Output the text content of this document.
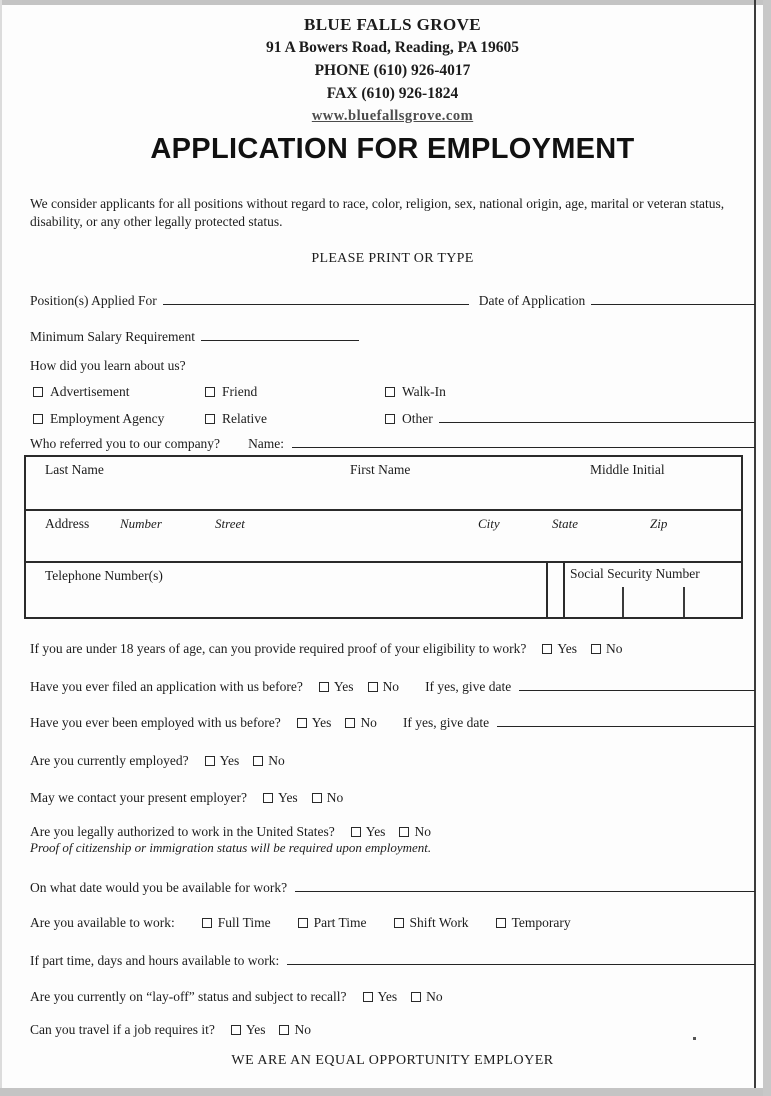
BLUE FALLS GROVE
91 A Bowers Road, Reading, PA 19605
PHONE (610) 926-4017
FAX (610) 926-1824
www.bluefallsgrove.com
APPLICATION FOR EMPLOYMENT

We consider applicants for all positions without regard to race, color, religion, sex, national origin, age, marital or veteran status, disability, or any other legally protected status.

PLEASE PRINT OR TYPE
Position(s) Applied For	Date of Application
Minimum Salary Requirement
How did you learn about us?
Advertisement	Friend	Walk-In
Employment Agency	Relative	Other
Who referred you to our company? Name:
Last Name	First Name	Middle Initial
Address Number	Street	City	State	Zip
Telephone Number(s)	Social Security Number
If you are under 18 years of age, can you provide required proof of your eligibility to work? Yes No
Have you ever filed an application with us before? Yes No If yes, give date
Have you ever been employed with us before? Yes No If yes, give date
Are you currently employed? Yes No
May we contact your present employer? Yes No
Are you legally authorized to work in the United States? Yes No
Proof of citizenship or immigration status will be required upon employment.
On what date would you be available for work?
Are you available to work:	Full Time	Part Time	Shift Work	Temporary
If part time, days and hours available to work:
Are you currently on “lay-off” status and subject to recall? Yes No
Can you travel if a job requires it? Yes No
WE ARE AN EQUAL OPPORTUNITY EMPLOYER
